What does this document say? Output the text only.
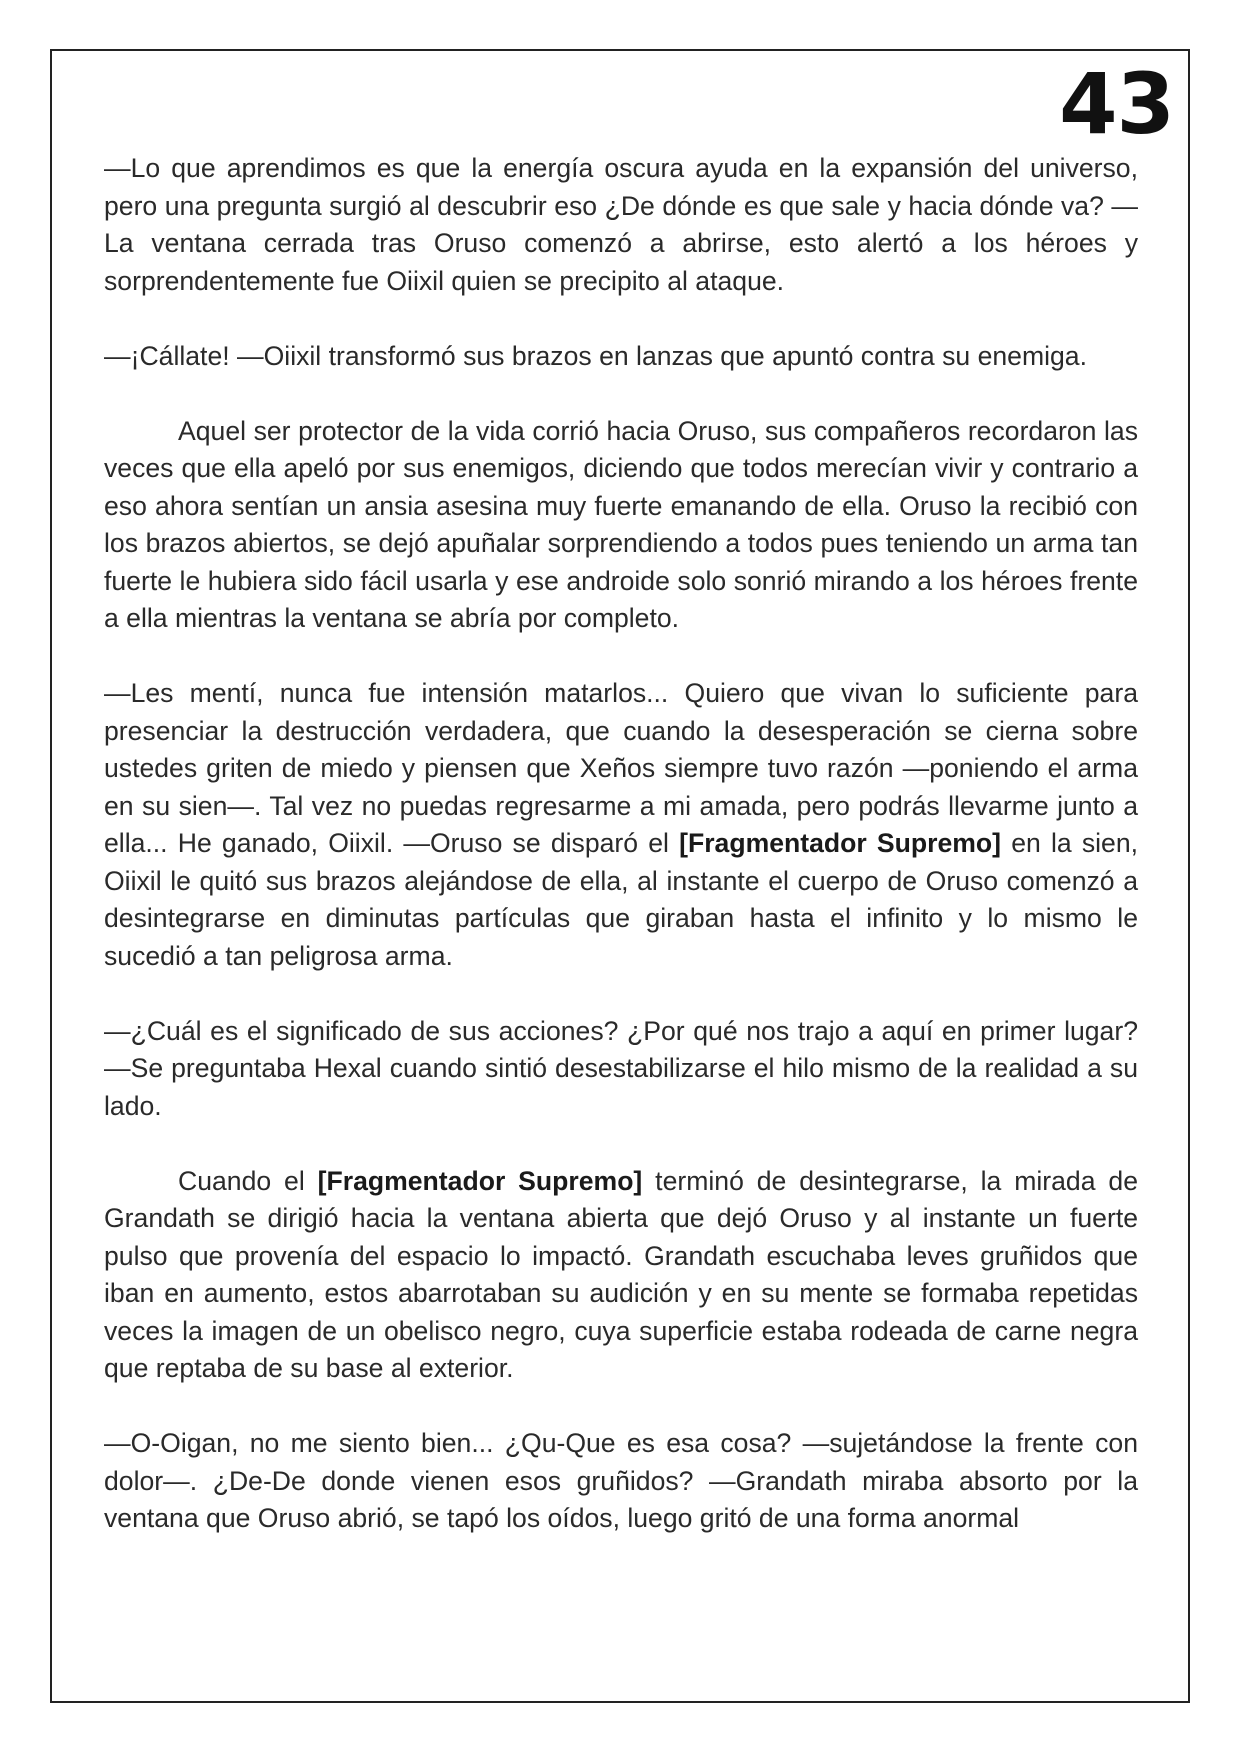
43

—Lo que aprendimos es que la energía oscura ayuda en la expansión del universo, pero una pregunta surgió al descubrir eso ¿De dónde es que sale y hacia dónde va? —La ventana cerrada tras Oruso comenzó a abrirse, esto alertó a los héroes y sorprendentemente fue Oiixil quien se precipito al ataque.

—¡Cállate! —Oiixil transformó sus brazos en lanzas que apuntó contra su enemiga.

Aquel ser protector de la vida corrió hacia Oruso, sus compañeros recordaron las veces que ella apeló por sus enemigos, diciendo que todos merecían vivir y contrario a eso ahora sentían un ansia asesina muy fuerte emanando de ella. Oruso la recibió con los brazos abiertos, se dejó apuñalar sorprendiendo a todos pues teniendo un arma tan fuerte le hubiera sido fácil usarla y ese androide solo sonrió mirando a los héroes frente a ella mientras la ventana se abría por completo.

—Les mentí, nunca fue intensión matarlos... Quiero que vivan lo suficiente para presenciar la destrucción verdadera, que cuando la desesperación se cierna sobre ustedes griten de miedo y piensen que Xeños siempre tuvo razón —poniendo el arma en su sien—. Tal vez no puedas regresarme a mi amada, pero podrás llevarme junto a ella... He ganado, Oiixil. —Oruso se disparó el [Fragmentador Supremo] en la sien, Oiixil le quitó sus brazos alejándose de ella, al instante el cuerpo de Oruso comenzó a desintegrarse en diminutas partículas que giraban hasta el infinito y lo mismo le sucedió a tan peligrosa arma.

—¿Cuál es el significado de sus acciones? ¿Por qué nos trajo a aquí en primer lugar? —Se preguntaba Hexal cuando sintió desestabilizarse el hilo mismo de la realidad a su lado.

Cuando el [Fragmentador Supremo] terminó de desintegrarse, la mirada de Grandath se dirigió hacia la ventana abierta que dejó Oruso y al instante un fuerte pulso que provenía del espacio lo impactó. Grandath escuchaba leves gruñidos que iban en aumento, estos abarrotaban su audición y en su mente se formaba repetidas veces la imagen de un obelisco negro, cuya superficie estaba rodeada de carne negra que reptaba de su base al exterior.

—O-Oigan, no me siento bien... ¿Qu-Que es esa cosa? —sujetándose la frente con dolor—. ¿De-De donde vienen esos gruñidos? —Grandath miraba absorto por la ventana que Oruso abrió, se tapó los oídos, luego gritó de una forma anormal
